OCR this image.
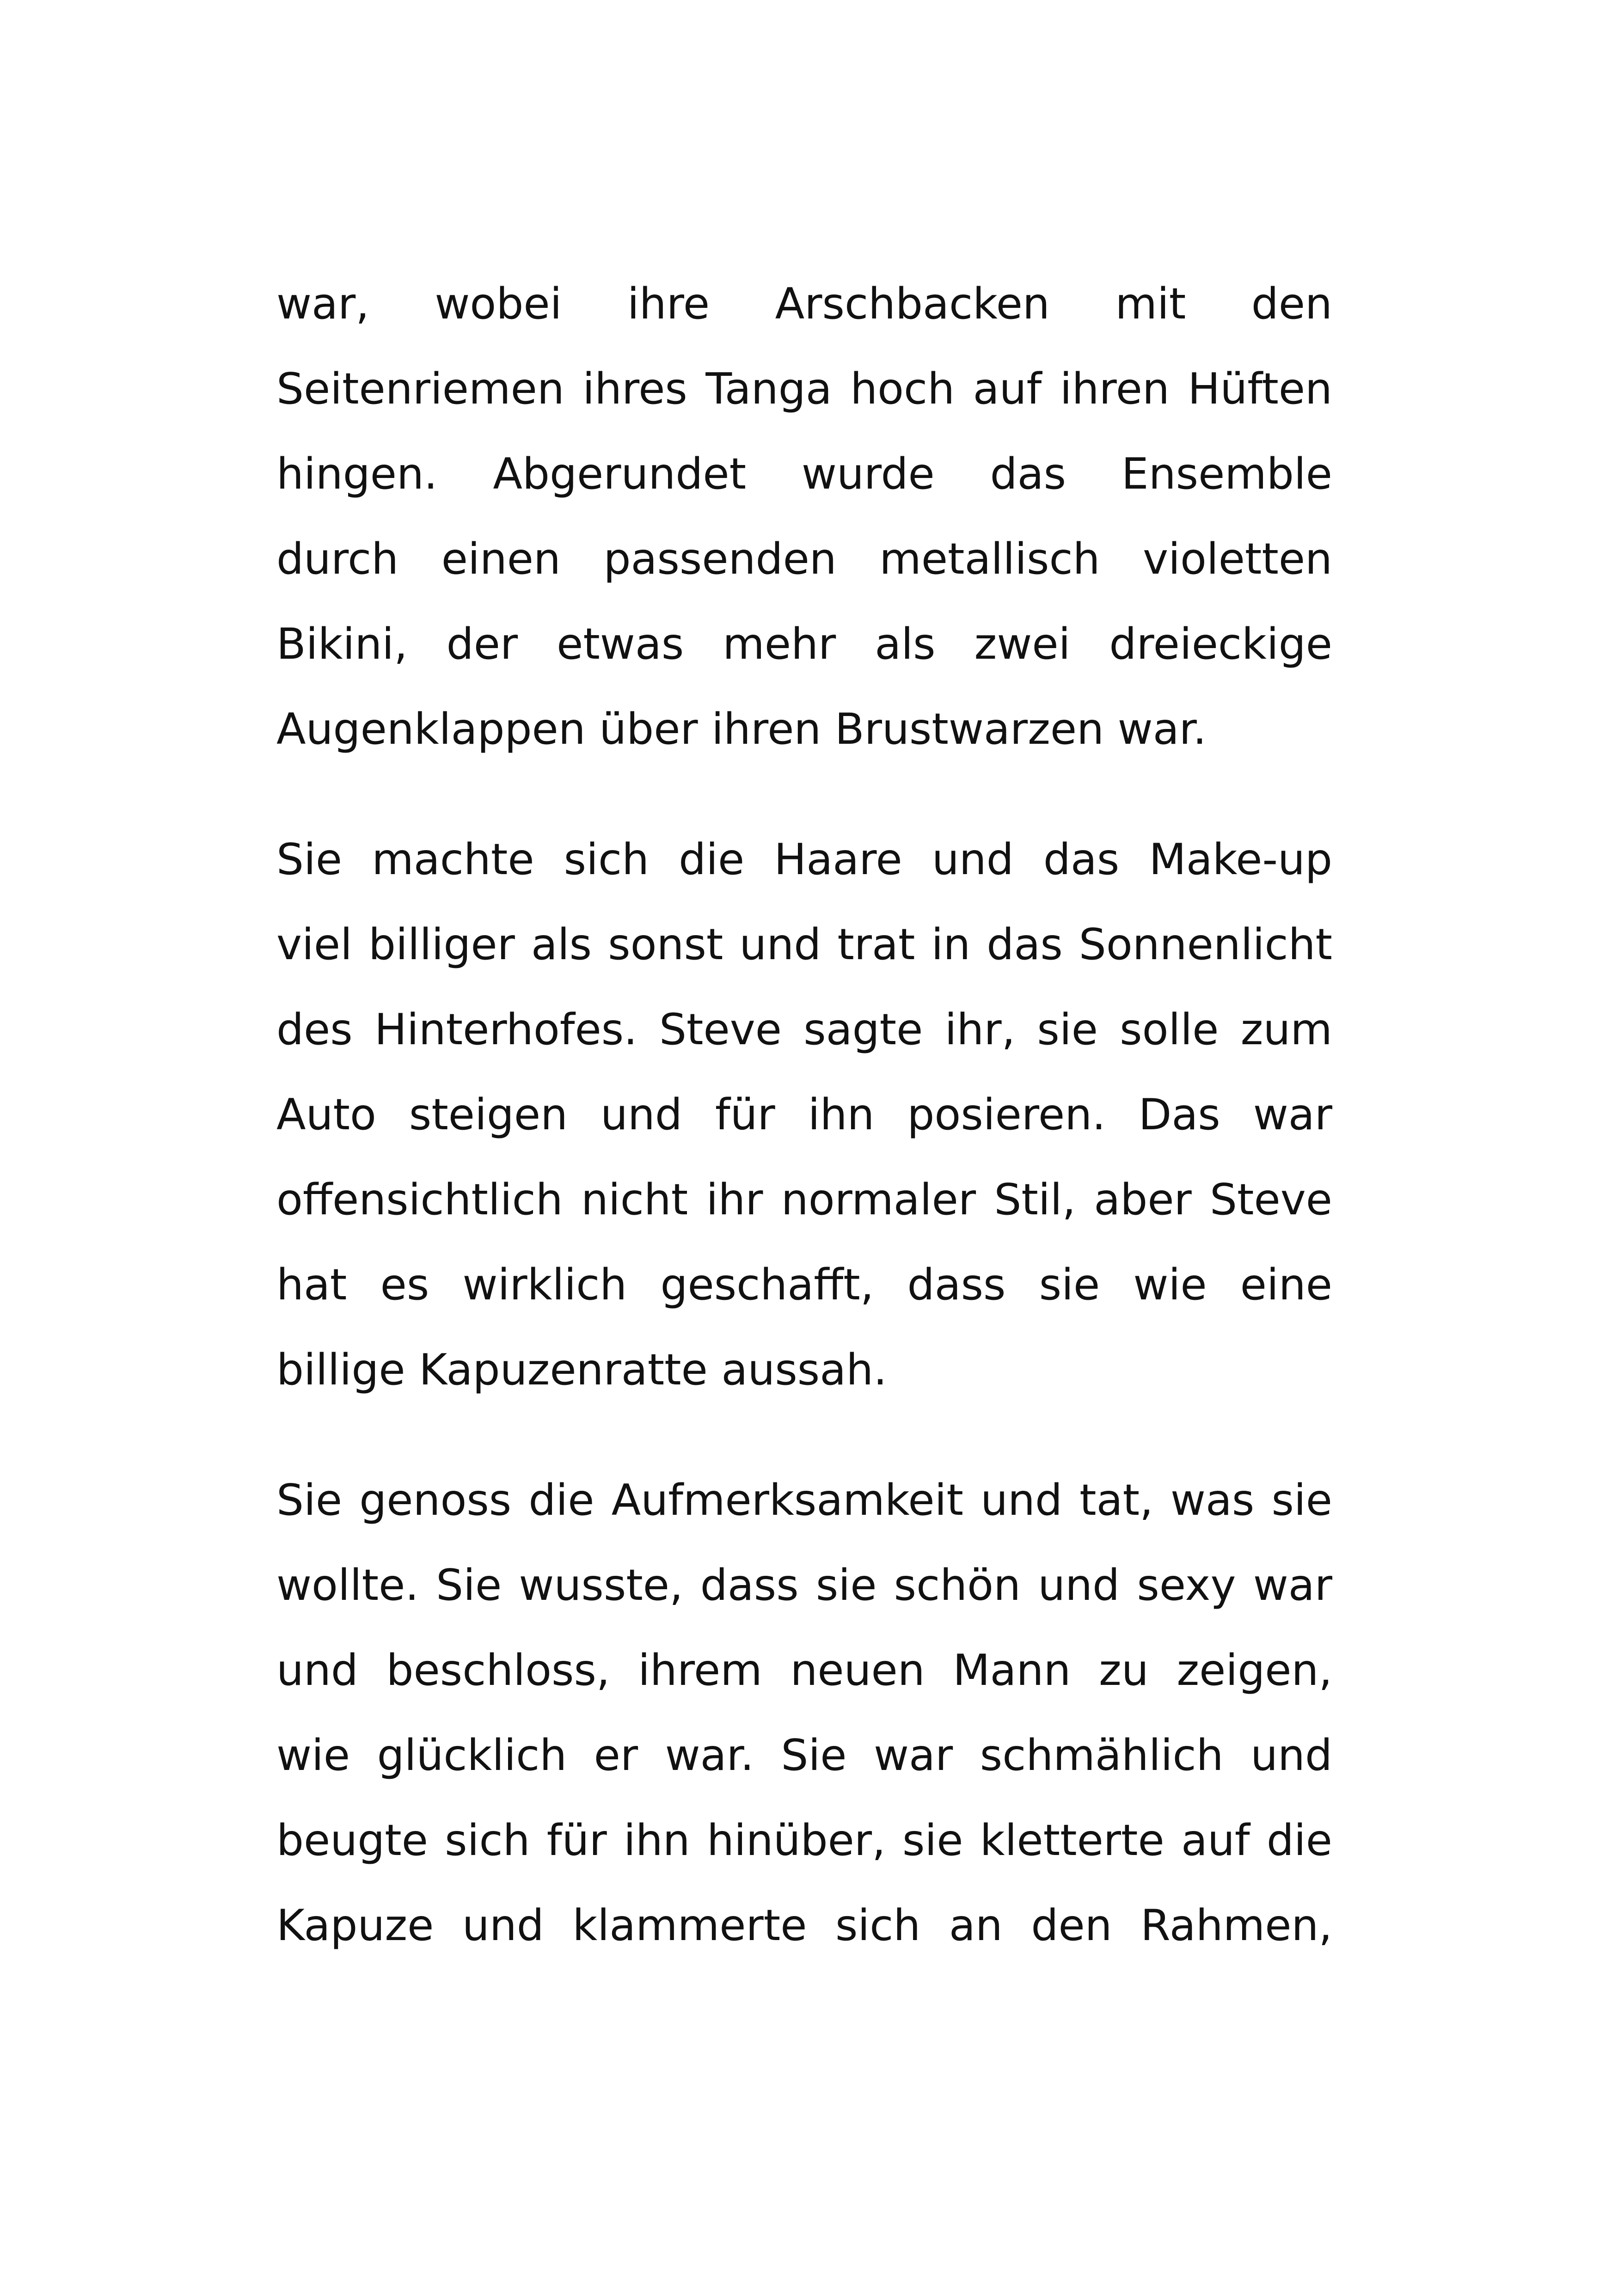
war, wobei ihre Arschbacken mit den
Seitenriemen ihres Tanga hoch auf ihren Hüften
hingen. Abgerundet wurde das Ensemble
durch einen passenden metallisch violetten
Bikini, der etwas mehr als zwei dreieckige
Augenklappen über ihren Brustwarzen war.
Sie machte sich die Haare und das Make-up
viel billiger als sonst und trat in das Sonnenlicht
des Hinterhofes. Steve sagte ihr, sie solle zum
Auto steigen und für ihn posieren. Das war
offensichtlich nicht ihr normaler Stil, aber Steve
hat es wirklich geschafft, dass sie wie eine
billige Kapuzenratte aussah.
Sie genoss die Aufmerksamkeit und tat, was sie
wollte. Sie wusste, dass sie schön und sexy war
und beschloss, ihrem neuen Mann zu zeigen,
wie glücklich er war. Sie war schmählich und
beugte sich für ihn hinüber, sie kletterte auf die
Kapuze und klammerte sich an den Rahmen,
